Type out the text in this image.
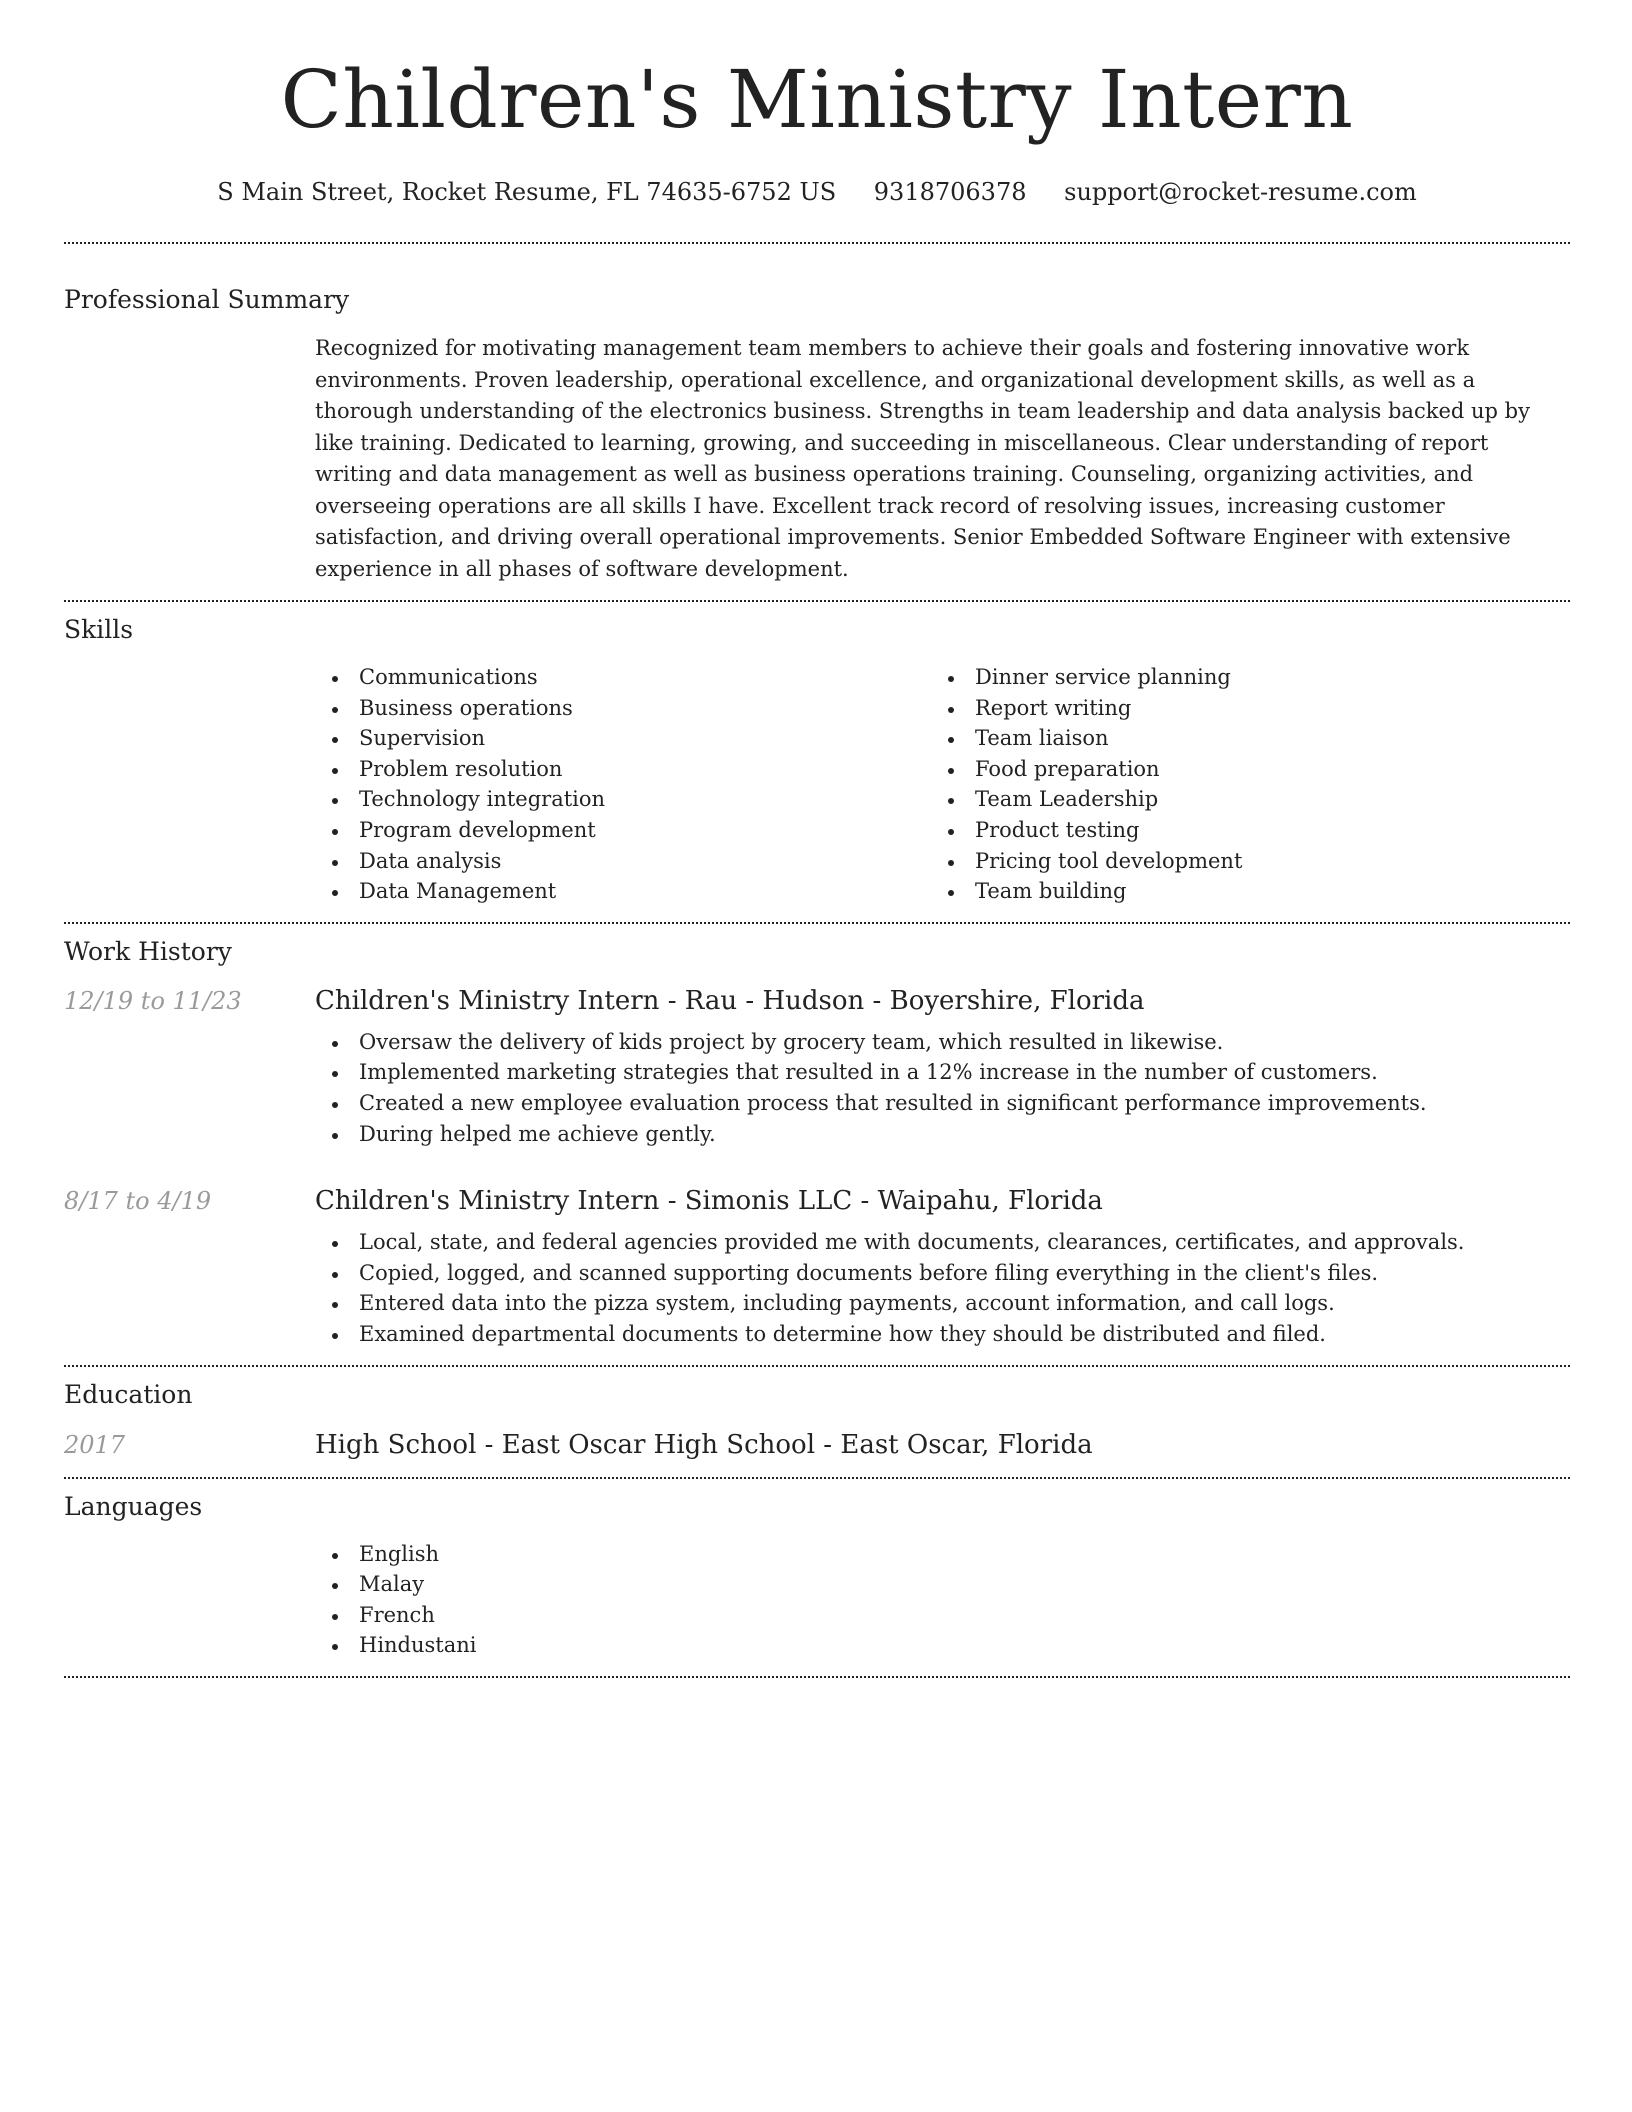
Children's Ministry Intern
S Main Street, Rocket Resume, FL 74635-6752 US 9318706378 support@rocket-resume.com
Professional Summary

Recognized for motivating management team members to achieve their goals and fostering innovative work environments. Proven leadership, operational excellence, and organizational development skills, as well as a thorough understanding of the electronics business. Strengths in team leadership and data analysis backed up by like training. Dedicated to learning, growing, and succeeding in miscellaneous. Clear understanding of report writing and data management as well as business operations training. Counseling, organizing activities, and overseeing operations are all skills I have. Excellent track record of resolving issues, increasing customer satisfaction, and driving overall operational improvements. Senior Embedded Software Engineer with extensive experience in all phases of software development.

Skills
Communications
Business operations
Supervision
Problem resolution
Technology integration
Program development
Data analysis
Data Management
Dinner service planning
Report writing
Team liaison
Food preparation
Team Leadership
Product testing
Pricing tool development
Team building
Work History
12/19 to 11/23	Children's Ministry Intern - Rau - Hudson - Boyershire, Florida
Oversaw the delivery of kids project by grocery team, which resulted in likewise.
Implemented marketing strategies that resulted in a 12% increase in the number of customers.
Created a new employee evaluation process that resulted in significant performance improvements.
During helped me achieve gently.
8/17 to 4/19	Children's Ministry Intern - Simonis LLC - Waipahu, Florida
Local, state, and federal agencies provided me with documents, clearances, certificates, and approvals.
Copied, logged, and scanned supporting documents before filing everything in the client's files.
Entered data into the pizza system, including payments, account information, and call logs.
Examined departmental documents to determine how they should be distributed and filed.
Education
2017	High School - East Oscar High School - East Oscar, Florida
Languages
English
Malay
French
Hindustani
